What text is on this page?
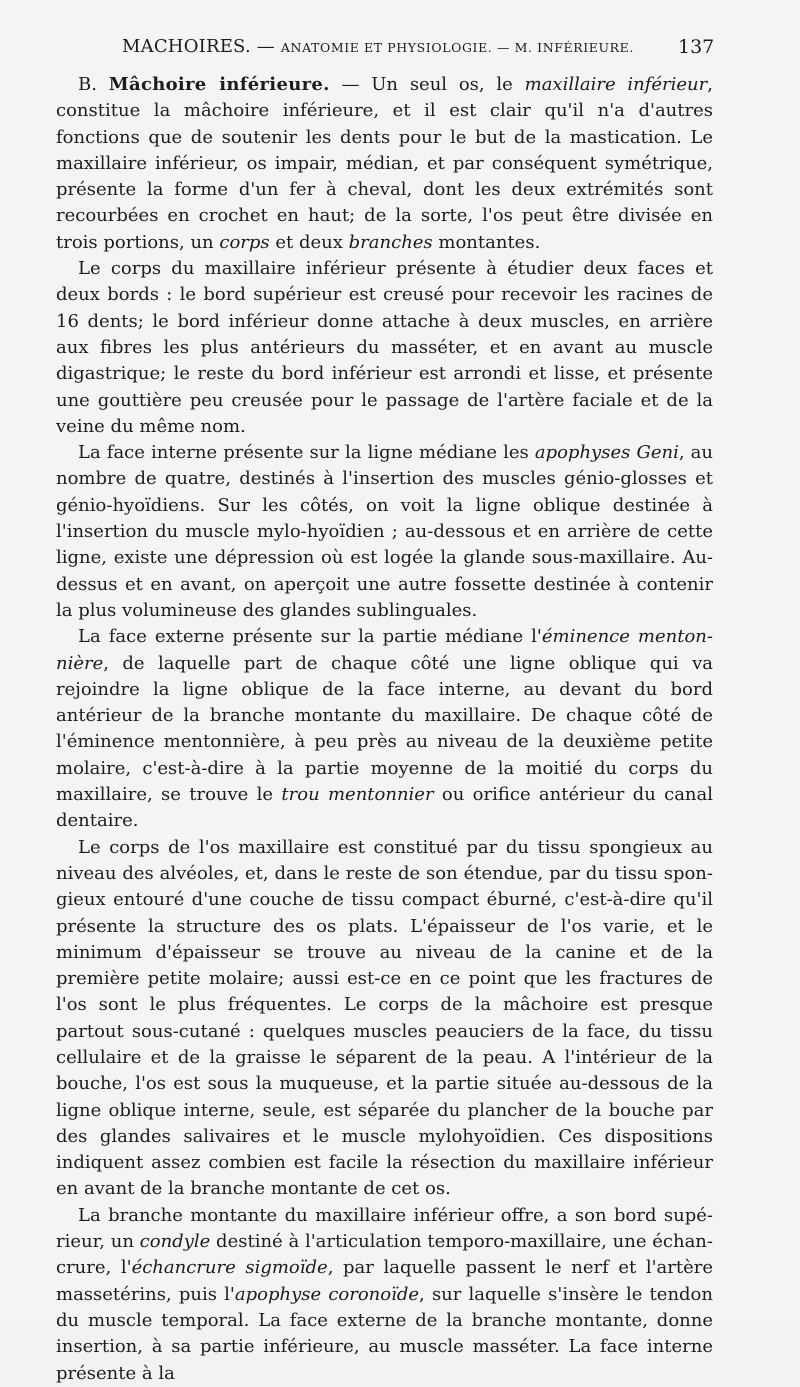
MACHOIRES. — ANATOMIE ET PHYSIOLOGIE. — M. INFÉRIEURE. 137

B. Mâchoire inférieure. — Un seul os, le maxillaire inférieur, constitue la mâchoire inférieure, et il est clair qu'il n'a d'autres fonctions que de soutenir les dents pour le but de la mastication. Le maxillaire inférieur, os impair, médian, et par conséquent symétrique, présente la forme d'un fer à cheval, dont les deux extrémités sont recourbées en crochet en haut; de la sorte, l'os peut être divisée en trois portions, un corps et deux branches montantes.

Le corps du maxillaire inférieur présente à étudier deux faces et deux bords : le bord supérieur est creusé pour recevoir les racines de 16 dents; le bord inférieur donne attache à deux muscles, en arrière aux fibres les plus antérieurs du masséter, et en avant au muscle digastrique; le reste du bord inférieur est arrondi et lisse, et présente une gouttière peu creusée pour le passage de l'artère faciale et de la veine du même nom.

La face interne présente sur la ligne médiane les apophyses Geni, au nombre de quatre, destinés à l'insertion des muscles génio-glosses et génio-hyoïdiens. Sur les côtés, on voit la ligne oblique destinée à l'insertion du muscle mylo-hyoïdien ; au-dessous et en arrière de cette ligne, existe une dépression où est logée la glande sous-maxillaire. Au-dessus et en avant, on aperçoit une autre fossette destinée à contenir la plus volumineuse des glandes sublinguales.

La face externe présente sur la partie médiane l'éminence mentonnière, de laquelle part de chaque côté une ligne oblique qui va rejoindre la ligne oblique de la face interne, au devant du bord antérieur de la branche montante du maxillaire. De chaque côté de l'éminence mentonnière, à peu près au niveau de la deuxième petite molaire, c'est-à-dire à la partie moyenne de la moitié du corps du maxillaire, se trouve le trou mentonnier ou orifice antérieur du canal dentaire.

Le corps de l'os maxillaire est constitué par du tissu spongieux au niveau des alvéoles, et, dans le reste de son étendue, par du tissu spongieux entouré d'une couche de tissu compact éburné, c'est-à-dire qu'il présente la structure des os plats. L'épaisseur de l'os varie, et le minimum d'épaisseur se trouve au niveau de la canine et de la première petite molaire; aussi est-ce en ce point que les fractures de l'os sont le plus fréquentes. Le corps de la mâchoire est presque partout sous-cutané : quelques muscles peauciers de la face, du tissu cellulaire et de la graisse le séparent de la peau. A l'intérieur de la bouche, l'os est sous la muqueuse, et la partie située au-dessous de la ligne oblique interne, seule, est séparée du plancher de la bouche par des glandes salivaires et le muscle mylohyoïdien. Ces dispositions indiquent assez combien est facile la résection du maxillaire inférieur en avant de la branche montante de cet os.

La branche montante du maxillaire inférieur offre, a son bord supérieur, un condyle destiné à l'articulation temporo-maxillaire, une échancrure, l'échancrure sigmoïde, par laquelle passent le nerf et l'artère massetérins, puis l'apophyse coronoïde, sur laquelle s'insère le tendon du muscle temporal. La face externe de la branche montante, donne insertion, à sa partie inférieure, au muscle masséter. La face interne présente à la
